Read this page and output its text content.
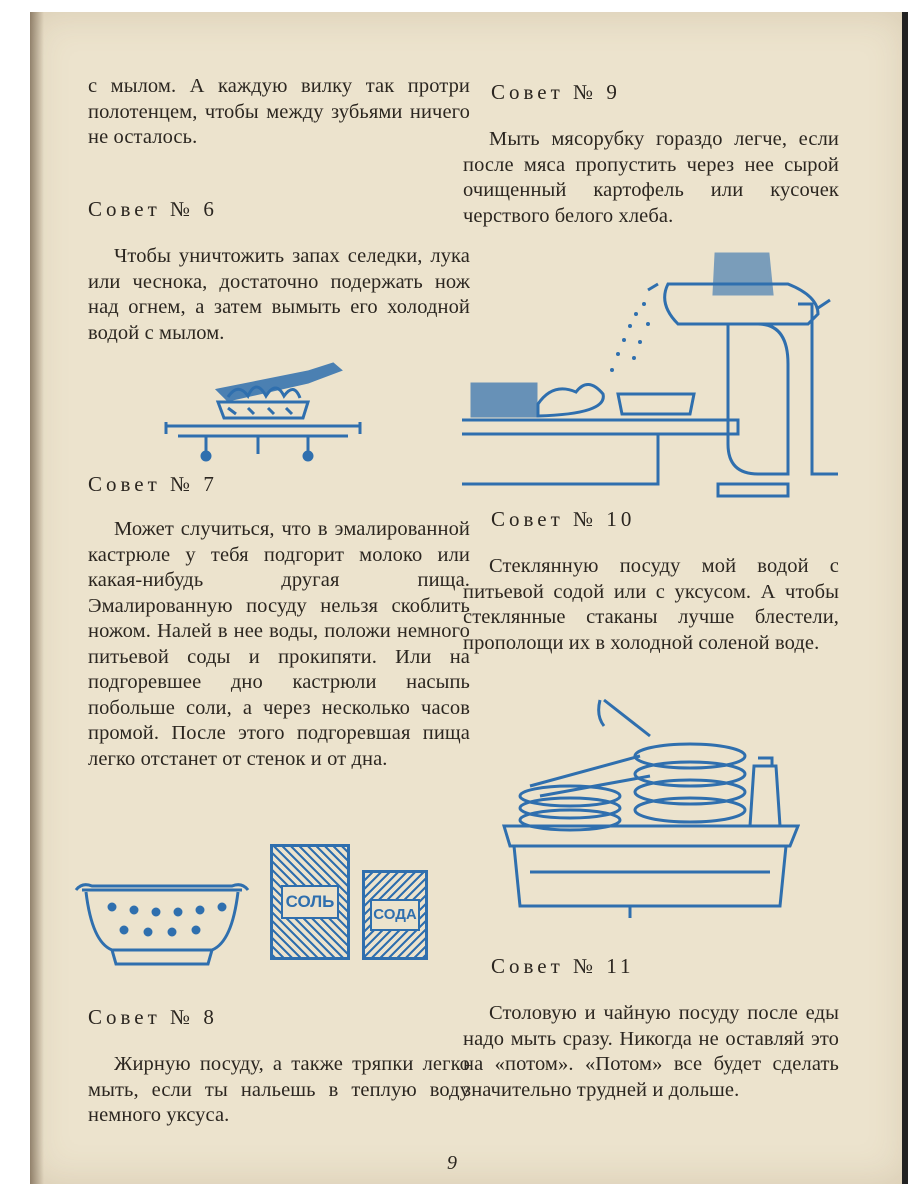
с мылом. А каждую вилку так протри полотенцем, чтобы между зубьями ничего не осталось.

Совет № 6

Чтобы уничтожить запах селедки, лука или чеснока, достаточно подержать нож над огнем, а затем вымыть его холодной водой с мылом.

Совет № 7

Может случиться, что в эмалированной кастрюле у тебя подгорит молоко или какая-нибудь другая пища. Эмалированную посуду нельзя скоблить ножом. Налей в нее воды, положи немного питьевой соды и прокипяти. Или на подгоревшее дно кастрюли насыпь побольше соли, а через несколько часов промой. После этого подгоревшая пища легко отстанет от стенок и от дна.

СОЛЬ
СОДА

Совет № 8

Жирную посуду, а также тряпки легко мыть, если ты нальешь в теплую воду немного уксуса.

Совет № 9

Мыть мясорубку гораздо легче, если после мяса пропустить через нее сырой очищенный картофель или кусочек черствого белого хлеба.

Совет № 10

Стеклянную посуду мой водой с питьевой содой или с уксусом. А чтобы стеклянные стаканы лучше блестели, прополощи их в холодной соленой воде.

Совет № 11

Столовую и чайную посуду после еды надо мыть сразу. Никогда не оставляй это на «потом». «Потом» все будет сделать значительно трудней и дольше.

9
